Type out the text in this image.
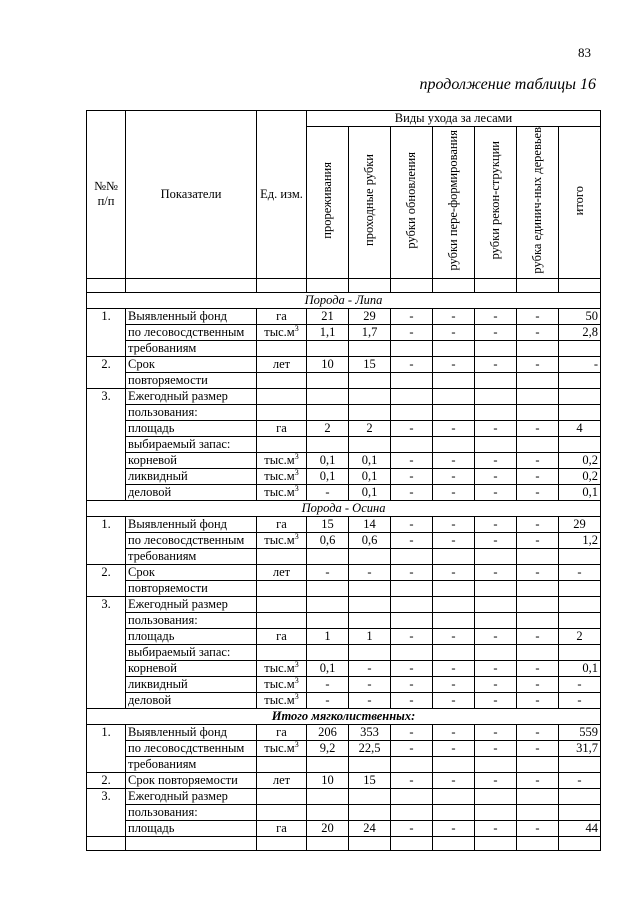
83
продолжение таблицы 16
№№ п/п	Показатели	Ед. изм.	Виды ухода за лесами						
			прореживания	проходные рубки	рубки обновления	рубки пере-формирования	рубки рекон-струкции	рубка единич-ных деревьев	итого

Порода - Липа									
1.	Выявленный фонд	га	21	29	-	-	-	-	50
	по лесовосдственным	$тыс.м^3$	1,1	1,7	-	-	-	-	2,8
	требованиям								
2.	Срок	лет	10	15	-	-	-	-	-
	повторяемости								
3.	Ежегодный размер								
	пользования:								
	площадь	га	2	2	-	-	-	-	4
	выбираемый запас:								
	корневой	$тыс.м^3$	0,1	0,1	-	-	-	-	0,2
	ликвидный	$тыс.м^3$	0,1	0,1	-	-	-	-	0,2
	деловой	$тыс.м^3$	-	0,1	-	-	-	-	0,1
Порода - Осина									
1.	Выявленный фонд	га	15	14	-	-	-	-	29
	по лесовосдственным	$тыс.м^3$	0,6	0,6	-	-	-	-	1,2
	требованиям								
2.	Срок	лет	-	-	-	-	-	-	-
	повторяемости								
3.	Ежегодный размер								
	пользования:								
	площадь	га	1	1	-	-	-	-	2
	выбираемый запас:								
	корневой	$тыс.м^3$	0,1	-	-	-	-	-	0,1
	ликвидный	$тыс.м^3$	-	-	-	-	-	-	-
	деловой	$тыс.м^3$	-	-	-	-	-	-	-
Итого мягколиственных:									
1.	Выявленный фонд	га	206	353	-	-	-	-	559
	по лесовосдственным	$тыс.м^3$	9,2	22,5	-	-	-	-	31,7
	требованиям								
2.	Срок повторяемости	лет	10	15	-	-	-	-	-
3.	Ежегодный размер								
	пользования:								
	площадь	га	20	24	-	-	-	-	44
